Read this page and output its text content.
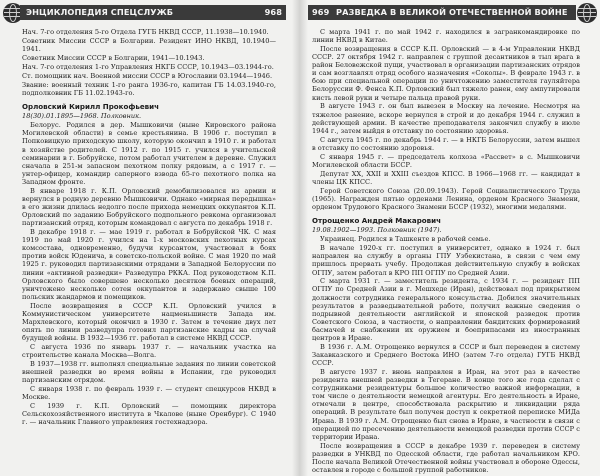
ЭНЦИКЛОПЕДИЯ СПЕЦСЛУЖБ	968

Нач. 7-го отделения 5-го Отдела ГУГБ НКВД СССР, 11.1938—10.1940.

Советник Миссии СССР в Болгарии. Резидент ИНО НКВД, 10.1940—1941.

Советник Миссии СССР в Болгарии, 1941—10.1943.

Нач. 7-го отделения 1-го Управления НКГБ СССР, 10.1943—03.1944-го.

Ст. помощник нач. Военной миссии СССР в Югославии 03.1944—1946.

Звание: военный техник 1-го ранга 1936-го, капитан ГБ 14.03.1940-го, подполковник ГБ 11.02.1943-го.

Орловский Кирилл Прокофьевич

18(30).01.1895—1968. Полковник.

Белорус. Родился в дер. Мышковичи (ныне Кировского района Могилевской области) в семье крестьянина. В 1906 г. поступил в Попковицкую приходскую школу, которую окончил в 1910 г. и работал в хозяйстве родителей. С 1912 г. по 1915 г. учился в учительской семинарии в г. Бобруйске, потом работал учителем в деревне. Служил сначала в 251-м запасном пехотном полку рядовым, а с 1917 г. — унтер-офицер, командир саперного взвода 65-го пехотного полка на Западном фронте.

В январе 1918 г. К.П. Орловский демобилизовался из армии и вернулся в родную деревню Мышковичи. Однако «мирная передышка» в его жизни длилась недолго после прихода немецких оккупантов К.П. Орловский по заданию Бобруйского подпольного ревкома организовал партизанский отряд, которым командовал с августа по декабрь 1918 г.

В декабре 1918 г. — мае 1919 г. работал в Бобруйской ЧК. С мая 1919 по май 1920 г. учился на 1-х московских пехотных курсах комсостава, одновременно, будучи курсантом, участвовал в боях против войск Юденича, в советско-польской войне. С мая 1920 по май 1925 г. руководил партизанскими отрядами в Западной Белоруссии по линии «активной разведки» Разведупра РККА. Под руководством К.П. Орловского было совершено несколько десятков боевых операций, уничтожено несколько сотен оккупантов и задержано свыше 100 польских жандармов и помещиков.

После возвращения в СССР К.П. Орловский учился в Коммунистическом университете нацменьшинств Запада им. Мархлевского, который окончил в 1930 г. Затем в течение двух лет опять по линии разведупра готовил партизанские кадры на случай будущей войны. В 1932—1936 гг. работал в системе НКВД СССР.

С августа 1936 по январь 1937 г. — начальник участка на строительстве канала Москва—Волга.

В 1937—1938 гг. выполнял специальные задания по линии советской внешней разведки во время войны в Испании, где руководил партизанским отрядом.

С января 1938 г. по февраль 1939 г. — студент спецкурсов НКВД в Москве.

С 1939 г. К.П. Орловский — помощник директора Сельскохозяйственного института в Чкалове (ныне Оренбург). С 1940 г. — начальник Главного управления гостехнадзора.

969 РАЗВЕДКА В ВЕЛИКОЙ ОТЕЧЕСТВЕННОЙ ВОЙНЕ

С марта 1941 г. по май 1942 г. находился в загранкомандировке по линии НКВД в Китае.

После возвращения в СССР К.П. Орловский — в 4-м Управлении НКВД СССР. 27 октября 1942 г. направлен с группой десантников в тыл врага в район Беловежской пущи, участвовал в организации партизанских отрядов и сам возглавлял отряд особого назначения «Соколы». В феврале 1943 г. в бою при специальной операции по уничтожению заместителя гауляйтера Белоруссии Ф. Фенса К.П. Орловский был тяжело ранен, ему ампутировали кисть левой руки и четыре пальца правой руки.

В августе 1943 г. он был вывезен в Москву на лечение. Несмотря на тяжелое ранение, вскоре вернулся в строй и до декабря 1944 г. служил в действующей армии. В качестве преподавателя закончил службу в июле 1944 г., затем выйдя в отставку по состоянию здоровья.

С августа 1945 г. по декабрь 1944 г. — в НКГБ Белоруссии, затем вышел в отставку по состоянию здоровья.

С января 1945 г. — председатель колхоза «Рассвет» в с. Мышковичи Могилевской области БССР.

Депутат ХХ, ХХII и ХХIII съездов КПСС. В 1966—1968 гг. — кандидат в члены ЦК КПСС.

Герой Советского Союза (20.09.1943). Герой Социалистического Труда (1965). Награжден пятью орденами Ленина, орденом Красного Знамени, орденом Трудового Красного Знамени БССР (1932), многими медалями.

Отрощенко Андрей Макарович

19.08.1902—1993. Полковник (1947).

Украинец. Родился в Ташкенте в рабочей семье.

В начале 1920-х гг. поступил в университет, однако в 1924 г. был направлен на службу в органы ГПУ Узбекистана, в связи с чем ему пришлось прервать учебу. Продолжая действительную службу в войсках ОГПУ, затем работал в КРО ПП ОГПУ по Средней Азии.

С марта 1931 г. — заместитель резидента, с 1934 г. — резидент ПП ОГПУ по Средней Азии в г. Мешхеде (Иран), действовал под прикрытием должности сотрудника генерального консульства. Добился значительных результатов в разведывательной работе, получил важные сведения о подрывной деятельности английской и японской разведок против Советского Союза, в частности, о направлении бандитских формирований басмачей и снабжении их оружием и боеприпасами из иностранных центров в Иране.

В 1936 г. А.М. Отрощенко вернулся в СССР и был переведен в систему Закавказского и Среднего Востока ИНО (затем 7-го отдела) ГУГБ НКВД СССР.

В августе 1937 г. вновь направлен в Иран, на этот раз в качестве резидента внешней разведки в Тегеране. В конце того же года сделал с сотрудниками резидентуры большое количество важной информации, в том числе о деятельности немецкой агентуры. Его деятельность в Иране, отмечали в центре, способствовала раскрытию и ликвидации ряда операций. В результате был получен доступ к секретной переписке МИДа Ирана. В 1939 г. А.М. Отрощенко был снова в Иране, в частности в связи с операцией по пресечению деятельности немецкой разведки против СССР с территории Ирана.

После возвращения в СССР в декабре 1939 г. переведен в систему разведки в УНКВД по Одесской области, где работал начальником КРО. После начала Великой Отечественной войны участвовал в обороне Одессы, оставлен в городе с большой группой работников.
